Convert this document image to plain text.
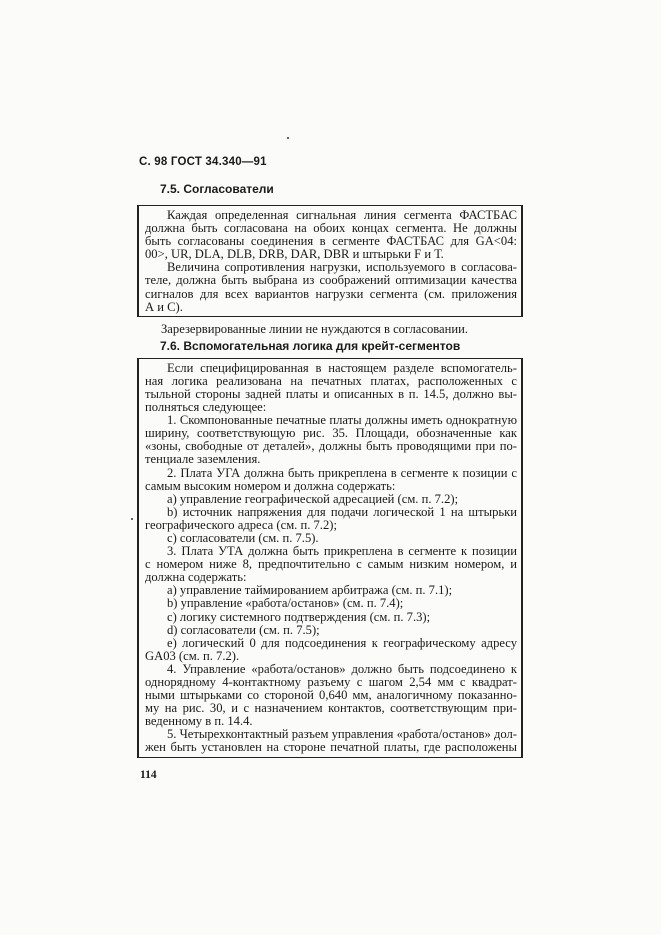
С. 98 ГОСТ 34.340—91
7.5. Согласователи
Каждая определенная сигнальная линия сегмента ФАСТБАС
должна быть согласована на обоих концах сегмента. Не должны
быть согласованы соединения в сегменте ФАСТБАС для GA<04:
00>, UR, DLA, DLB, DRB, DAR, DBR и штырьки F и Т.
Величина сопротивления нагрузки, используемого в согласова-
теле, должна быть выбрана из соображений оптимизации качества
сигналов для всех вариантов нагрузки сегмента (см. приложения
А и С).
Зарезервированные линии не нуждаются в согласовании.
7.6. Вспомогательная логика для крейт-сегментов
Если специфицированная в настоящем разделе вспомогатель-
ная логика реализована на печатных платах, расположенных с
тыльной стороны задней платы и описанных в п. 14.5, должно вы-
полняться следующее:
1. Скомпонованные печатные платы должны иметь однократную
ширину, соответствующую рис. 35. Площади, обозначенные как
«зоны, свободные от деталей», должны быть проводящими при по-
тенциале заземления.
2. Плата УГА должна быть прикреплена в сегменте к позиции с
самым высоким номером и должна содержать:
а) управление географической адресацией (см. п. 7.2);
b) источник напряжения для подачи логической 1 на штырьки
географического адреса (см. п. 7.2);
с) согласователи (см. п. 7.5).
3. Плата УТА должна быть прикреплена в сегменте к позиции
с номером ниже 8, предпочтительно с самым низким номером, и
должна содержать:
а) управление таймированием арбитража (см. п. 7.1);
b) управление «работа/останов» (см. п. 7.4);
с) логику системного подтверждения (см. п. 7.3);
d) согласователи (см. п. 7.5);
е) логический 0 для подсоединения к географическому адресу
GA03 (см. п. 7.2).
4. Управление «работа/останов» должно быть подсоединено к
однорядному 4-контактному разъему с шагом 2,54 мм с квадрат-
ными штырьками со стороной 0,640 мм, аналогичному показанно-
му на рис. 30, и с назначением контактов, соответствующим при-
веденному в п. 14.4.
5. Четырехконтактный разъем управления «работа/останов» дол-
жен быть установлен на стороне печатной платы, где расположены
114
